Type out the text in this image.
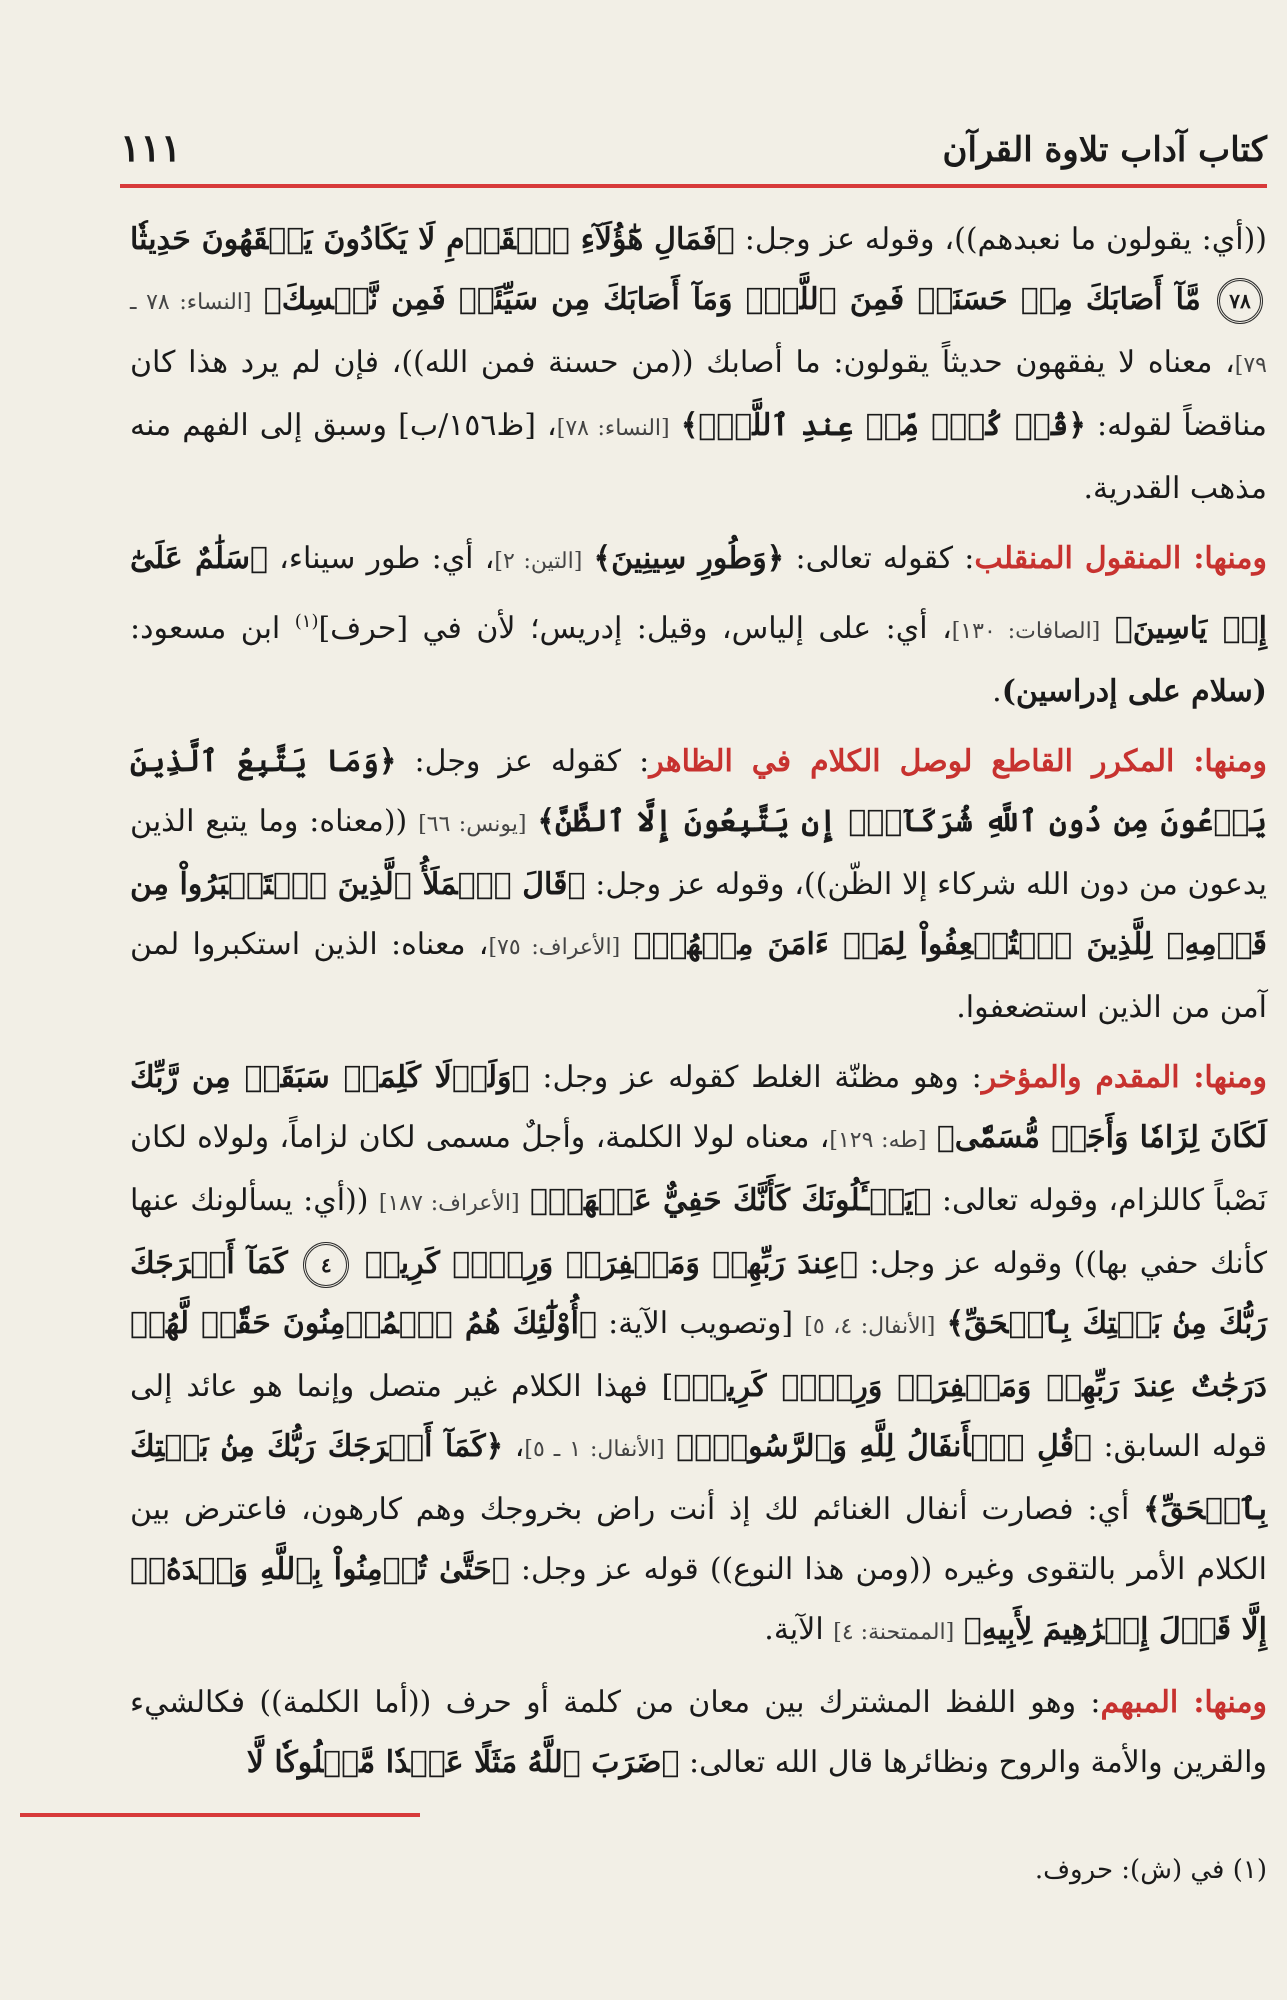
كتاب آداب تلاوة القرآن
١١١

((أي: يقولون ما نعبدهم))، وقوله عز وجل: ﴿فَمَالِ هَٰٓؤُلَآءِ ٱلۡقَوۡمِ لَا يَكَادُونَ يَفۡقَهُونَ حَدِيثٗا ٧٨ مَّآ أَصَابَكَ مِنۡ حَسَنَةٖ فَمِنَ ٱللَّهِۖ وَمَآ أَصَابَكَ مِن سَيِّئَةٖ فَمِن نَّفۡسِكَ﴾ [النساء: ٧٨ ـ ٧٩]، معناه لا يفقهون حديثاً يقولون: ما أصابك ((من حسنة فمن الله))، فإن لم يرد هذا كان مناقضاً لقوله: ﴿قُلۡ كُلّٞ مِّنۡ عِندِ ٱللَّهِۖ﴾ [النساء: ٧٨]، [ظ١٥٦/ب] وسبق إلى الفهم منه مذهب القدرية.

ومنها: المنقول المنقلب: كقوله تعالى: ﴿وَطُورِ سِينِينَ﴾ [التين: ٢]، أي: طور سيناء، ﴿سَلَٰمٌ عَلَىٰٓ إِلۡ يَاسِينَ﴾ [الصافات: ١٣٠]، أي: على إلياس، وقيل: إدريس؛ لأن في [حرف]$^{(١)}$ ابن مسعود: (سلام على إدراسين).

ومنها: المكرر القاطع لوصل الكلام في الظاهر: كقوله عز وجل: ﴿وَمَا يَتَّبِعُ ٱلَّذِينَ يَدۡعُونَ مِن دُونِ ٱللَّهِ شُرَكَآءَۚ إِن يَتَّبِعُونَ إِلَّا ٱلظَّنَّ﴾ [يونس: ٦٦] ((معناه: وما يتبع الذين يدعون من دون الله شركاء إلا الظّن))، وقوله عز وجل: ﴿قَالَ ٱلۡمَلَأُ ٱلَّذِينَ ٱسۡتَكۡبَرُواْ مِن قَوۡمِهِۦ لِلَّذِينَ ٱسۡتُضۡعِفُواْ لِمَنۡ ءَامَنَ مِنۡهُمۡ﴾ [الأعراف: ٧٥]، معناه: الذين استكبروا لمن آمن من الذين استضعفوا.

ومنها: المقدم والمؤخر: وهو مظنّة الغلط كقوله عز وجل: ﴿وَلَوۡلَا كَلِمَةٞ سَبَقَتۡ مِن رَّبِّكَ لَكَانَ لِزَامٗا وَأَجَلٞ مُّسَمّٗى﴾ [طه: ١٢٩]، معناه لولا الكلمة، وأجلٌ مسمى لكان لزاماً، ولولاه لكان نَصْباً كاللزام، وقوله تعالى: ﴿يَسۡـَٔلُونَكَ كَأَنَّكَ حَفِيٌّ عَنۡهَاۖ﴾ [الأعراف: ١٨٧] ((أي: يسألونك عنها كأنك حفي بها)) وقوله عز وجل: ﴿عِندَ رَبِّهِمۡ وَمَغۡفِرَةٞ وَرِزۡقٞ كَرِيمٞ ٤ كَمَآ أَخۡرَجَكَ رَبُّكَ مِنۢ بَيۡتِكَ بِٱلۡحَقِّ﴾ [الأنفال: ٤، ٥] [وتصويب الآية: ﴿أُوْلَٰٓئِكَ هُمُ ٱلۡمُؤۡمِنُونَ حَقّٗاۚ لَّهُمۡ دَرَجَٰتٌ عِندَ رَبِّهِمۡ وَمَغۡفِرَةٞ وَرِزۡقٞ كَرِيمٞ﴾] فهذا الكلام غير متصل وإنما هو عائد إلى قوله السابق: ﴿قُلِ ٱلۡأَنفَالُ لِلَّهِ وَٱلرَّسُولِۖ﴾ [الأنفال: ١ ـ ٥]، ﴿كَمَآ أَخۡرَجَكَ رَبُّكَ مِنۢ بَيۡتِكَ بِٱلۡحَقِّ﴾ أي: فصارت أنفال الغنائم لك إذ أنت راض بخروجك وهم كارهون، فاعترض بين الكلام الأمر بالتقوى وغيره ((ومن هذا النوع)) قوله عز وجل: ﴿حَتَّىٰ تُؤۡمِنُواْ بِٱللَّهِ وَحۡدَهُۥٓ إِلَّا قَوۡلَ إِبۡرَٰهِيمَ لِأَبِيهِ﴾ [الممتحنة: ٤] الآية.

ومنها: المبهم: وهو اللفظ المشترك بين معان من كلمة أو حرف ((أما الكلمة)) فكالشيء والقرين والأمة والروح ونظائرها قال الله تعالى: ﴿ضَرَبَ ٱللَّهُ مَثَلًا عَبۡدٗا مَّمۡلُوكٗا لَّا

(١) في (ش): حروف.
